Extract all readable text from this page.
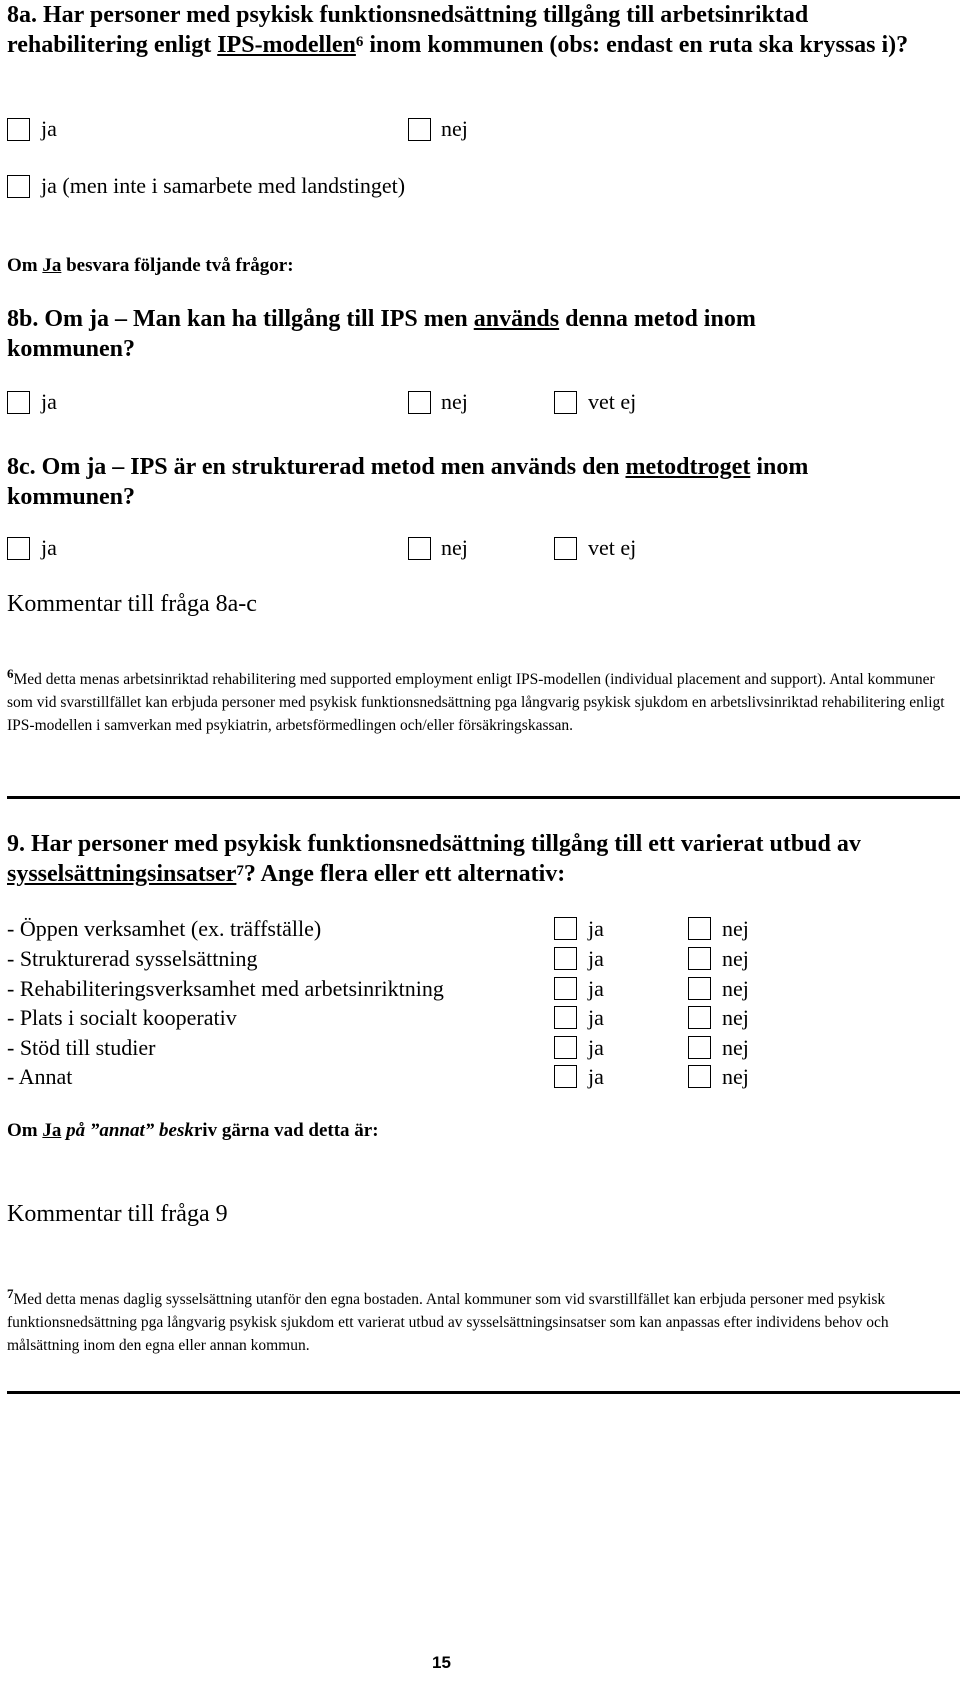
8a. Har personer med psykisk funktionsnedsättning tillgång till arbetsinriktad rehabilitering enligt IPS-modellen$^6$ inom kommunen (obs: endast en ruta ska kryssas i)?
ja	nej
ja (men inte i samarbete med landstinget)
Om Ja besvara följande två frågor:
8b. Om ja – Man kan ha tillgång till IPS men används denna metod inom kommunen?
ja	nej	vet ej
8c. Om ja – IPS är en strukturerad metod men används den metodtroget inom kommunen?
ja	nej	vet ej
Kommentar till fråga 8a-c
$^6$Med detta menas arbetsinriktad rehabilitering med supported employment enligt IPS-modellen (individual placement and support). Antal kommuner som vid svarstillfället kan erbjuda personer med psykisk funktionsnedsättning pga långvarig psykisk sjukdom en arbetslivsinriktad rehabilitering enligt IPS-modellen i samverkan med psykiatrin, arbetsförmedlingen och/eller försäkringskassan.
9. Har personer med psykisk funktionsnedsättning tillgång till ett varierat utbud av sysselsättningsinsatser$^7$? Ange flera eller ett alternativ:
- Öppen verksamhet (ex. träffställe)	ja	nej
- Strukturerad sysselsättning	ja	nej
- Rehabiliteringsverksamhet med arbetsinriktning	ja	nej
- Plats i socialt kooperativ	ja	nej
- Stöd till studier	ja	nej
- Annat	ja	nej
Om Ja på ”annat” beskriv gärna vad detta är:
Kommentar till fråga 9
$^7$Med detta menas daglig sysselsättning utanför den egna bostaden. Antal kommuner som vid svarstillfället kan erbjuda personer med psykisk funktionsnedsättning pga långvarig psykisk sjukdom ett varierat utbud av sysselsättningsinsatser som kan anpassas efter individens behov och målsättning inom den egna eller annan kommun.
15
